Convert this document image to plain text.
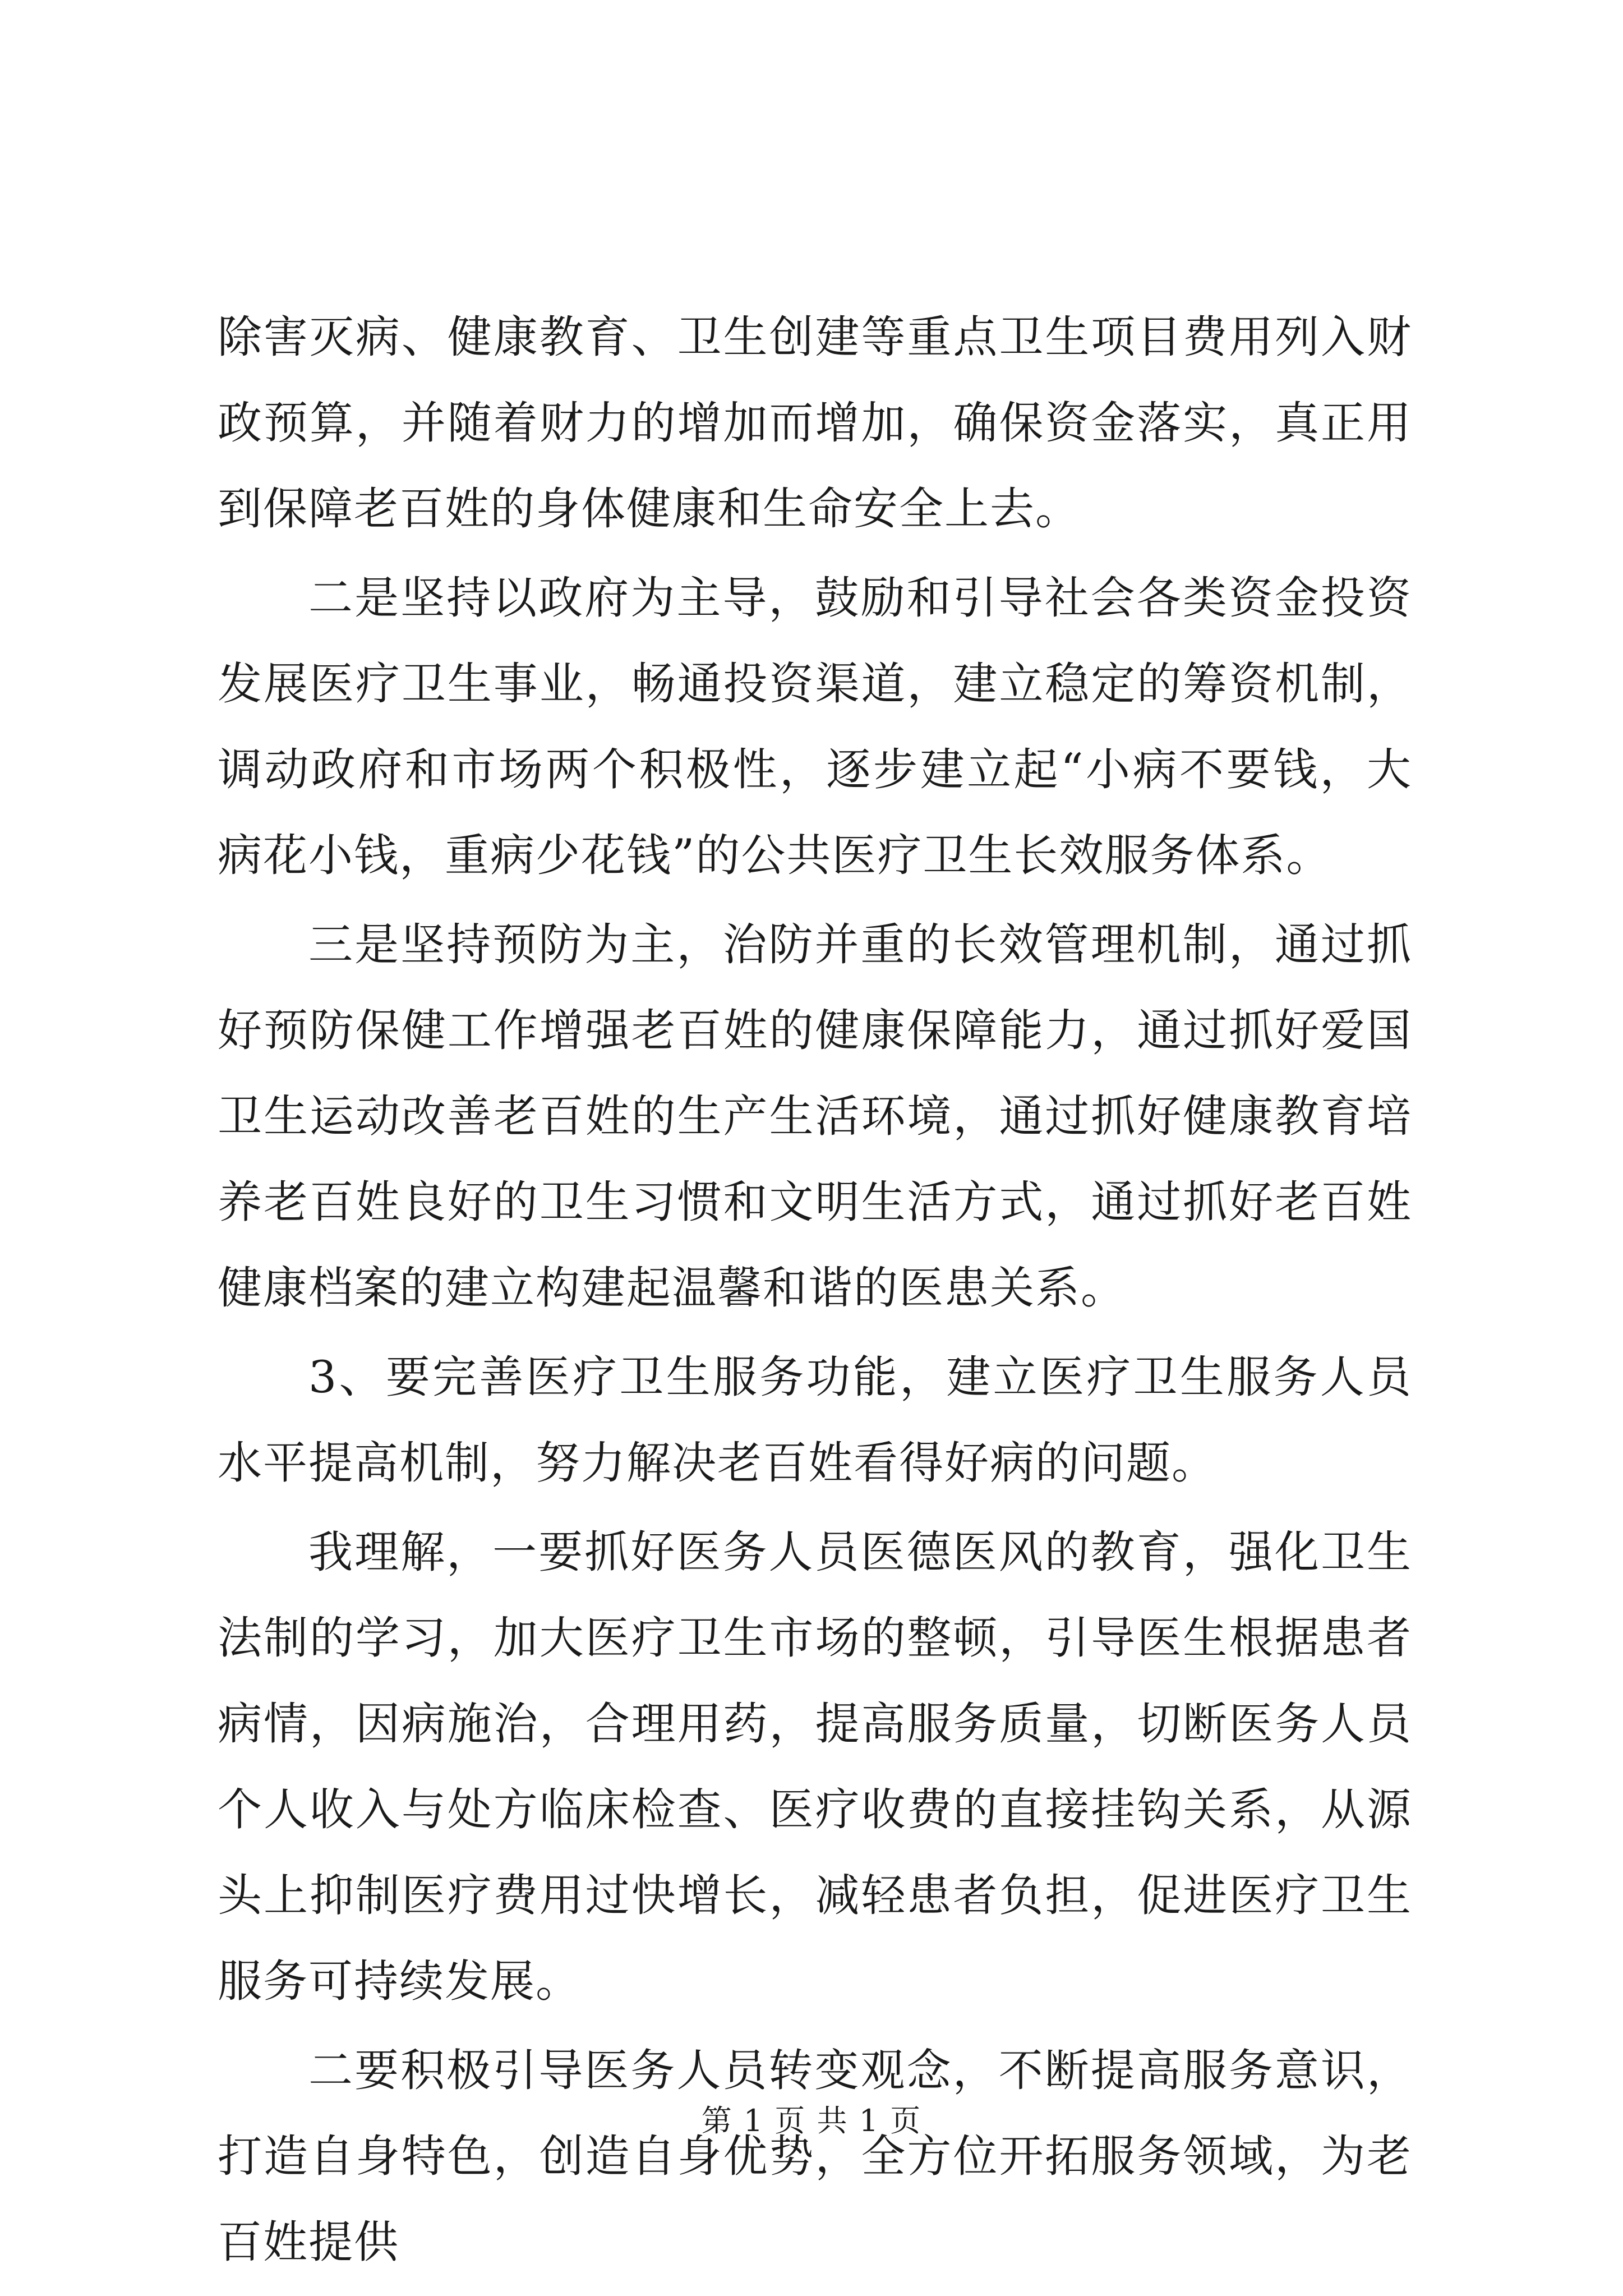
除害灭病、健康教育、卫生创建等重点卫生项目费用列入财政预算，并随着财力的增加而增加，确保资金落实，真正用到保障老百姓的身体健康和生命安全上去。

二是坚持以政府为主导，鼓励和引导社会各类资金投资发展医疗卫生事业，畅通投资渠道，建立稳定的筹资机制，调动政府和市场两个积极性，逐步建立起“小病不要钱，大病花小钱，重病少花钱”的公共医疗卫生长效服务体系。

三是坚持预防为主，治防并重的长效管理机制，通过抓好预防保健工作增强老百姓的健康保障能力，通过抓好爱国卫生运动改善老百姓的生产生活环境，通过抓好健康教育培养老百姓良好的卫生习惯和文明生活方式，通过抓好老百姓健康档案的建立构建起温馨和谐的医患关系。

3、要完善医疗卫生服务功能，建立医疗卫生服务人员水平提高机制，努力解决老百姓看得好病的问题。

我理解，一要抓好医务人员医德医风的教育，强化卫生法制的学习，加大医疗卫生市场的整顿，引导医生根据患者病情，因病施治，合理用药，提高服务质量，切断医务人员个人收入与处方临床检查、医疗收费的直接挂钩关系，从源头上抑制医疗费用过快增长，减轻患者负担，促进医疗卫生服务可持续发展。

二要积极引导医务人员转变观念，不断提高服务意识，打造自身特色，创造自身优势，全方位开拓服务领域，为老百姓提供

第 1 页 共 1 页
